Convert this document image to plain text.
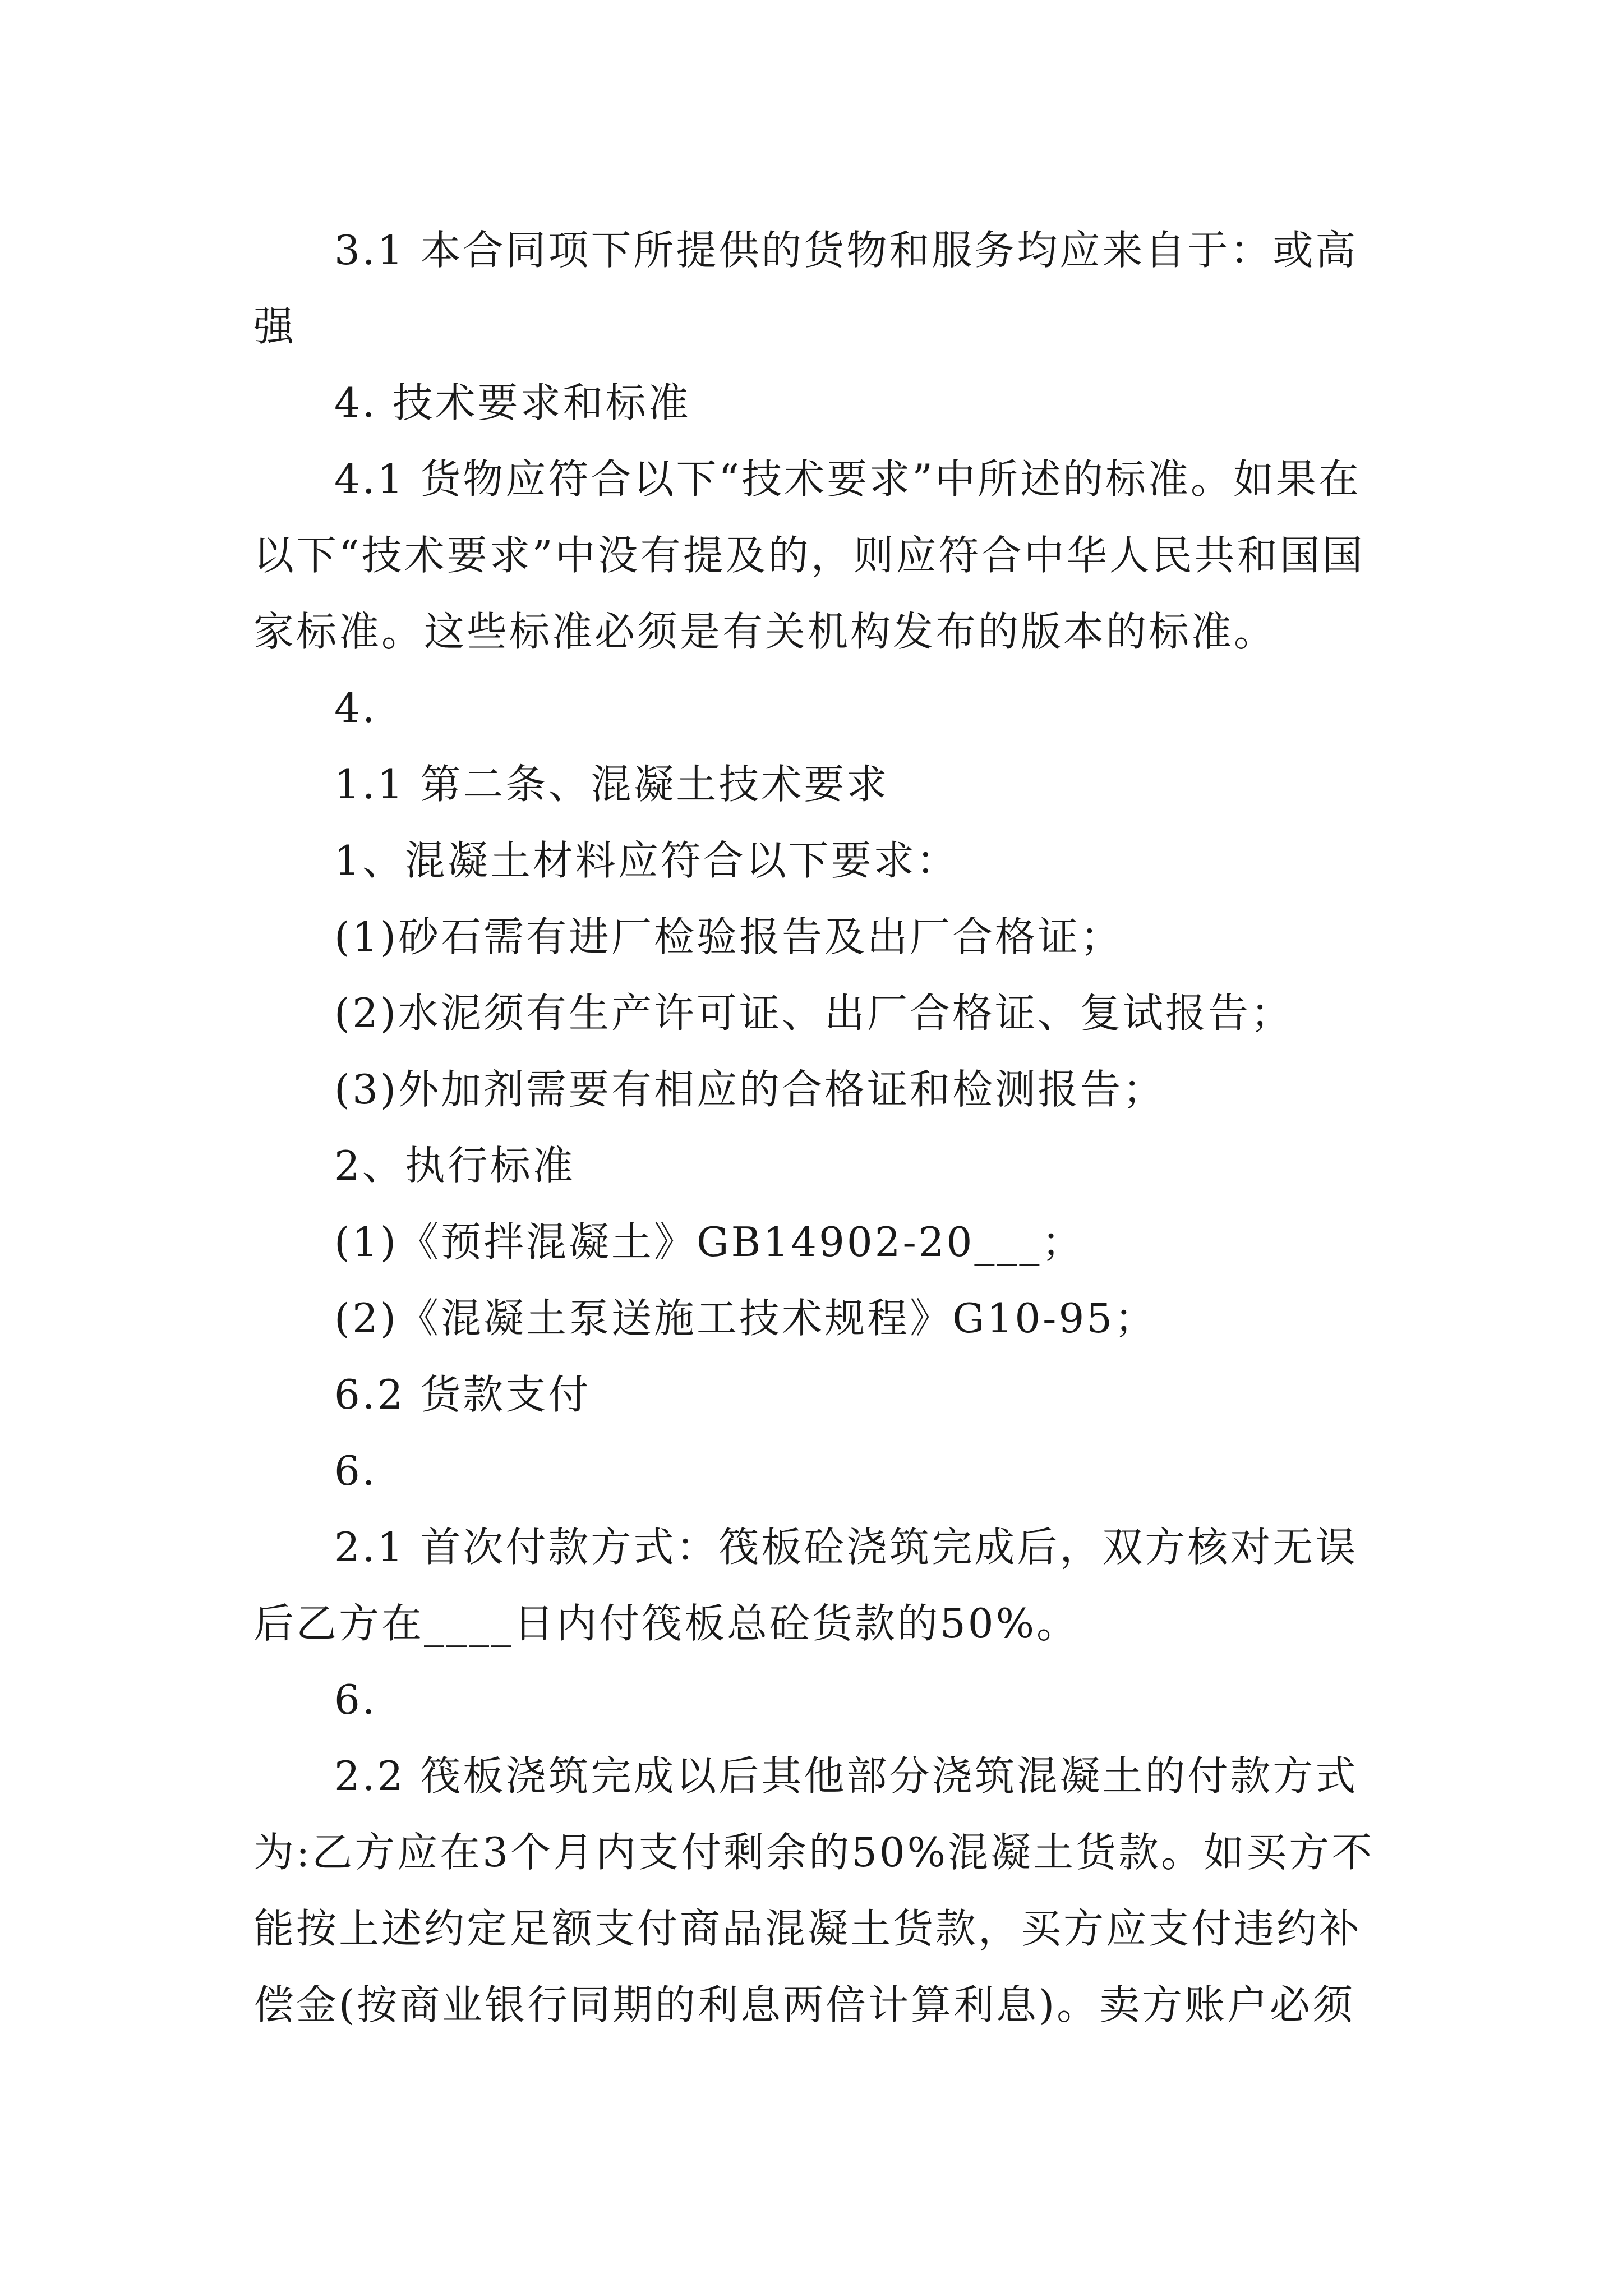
3.1 本合同项下所提供的货物和服务均应来自于：或高强

4. 技术要求和标准

4.1 货物应符合以下“技术要求”中所述的标准。如果在以下“技术要求”中没有提及的，则应符合中华人民共和国国家标准。这些标准必须是有关机构发布的版本的标准。

4.

1.1 第二条、混凝土技术要求

1、混凝土材料应符合以下要求：

(1)砂石需有进厂检验报告及出厂合格证；

(2)水泥须有生产许可证、出厂合格证、复试报告；

(3)外加剂需要有相应的合格证和检测报告；

2、执行标准

(1)《预拌混凝土》GB14902-20___；

(2)《混凝土泵送施工技术规程》G10-95；

6.2 货款支付

6.

2.1 首次付款方式：筏板砼浇筑完成后，双方核对无误后乙方在____日内付筏板总砼货款的50%。

6.

2.2 筏板浇筑完成以后其他部分浇筑混凝土的付款方式为:乙方应在3个月内支付剩余的50%混凝土货款。如买方不能按上述约定足额支付商品混凝土货款，买方应支付违约补偿金(按商业银行同期的利息两倍计算利息)。卖方账户必须
